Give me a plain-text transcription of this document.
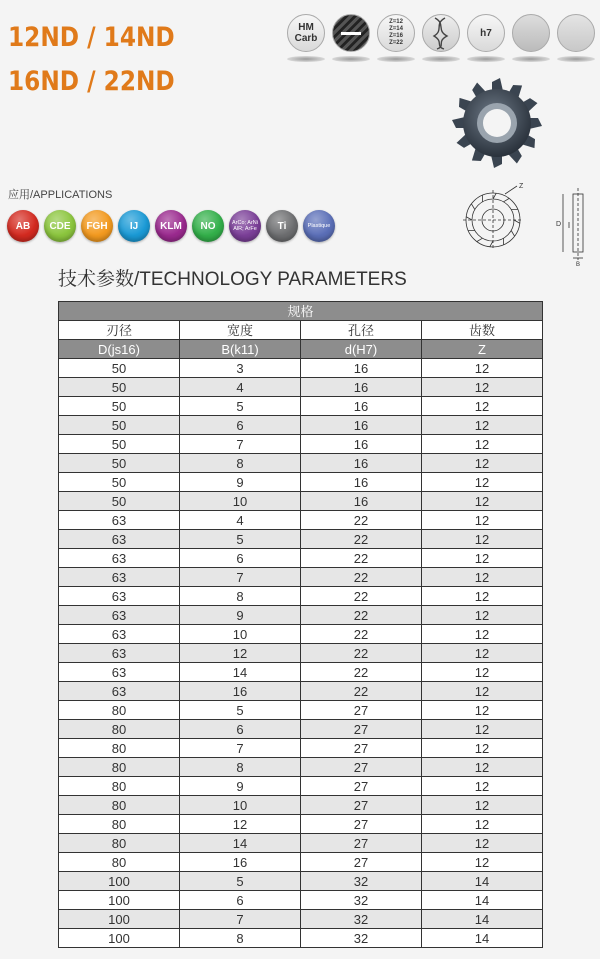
12ND / 14ND
16ND / 22ND
HM
Carb
Z=12
Z=14
Z=16
Z=22
h7
D
Z
B
应用/APPLICATIONS
AB CDE FGH IJ KLM NO	ArCo; ArNi AlR; ArFe	Ti	Plastique
技术参数/TECHNOLOGY PARAMETERS
规格			
刃径	宽度	孔径	齿数
D(js16)	B(k11)	d(H7)	Z
50	3	16	12
50	4	16	12
50	5	16	12
50	6	16	12
50	7	16	12
50	8	16	12
50	9	16	12
50	10	16	12
63	4	22	12
63	5	22	12
63	6	22	12
63	7	22	12
63	8	22	12
63	9	22	12
63	10	22	12
63	12	22	12
63	14	22	12
63	16	22	12
80	5	27	12
80	6	27	12
80	7	27	12
80	8	27	12
80	9	27	12
80	10	27	12
80	12	27	12
80	14	27	12
80	16	27	12
100	5	32	14
100	6	32	14
100	7	32	14
100	8	32	14
